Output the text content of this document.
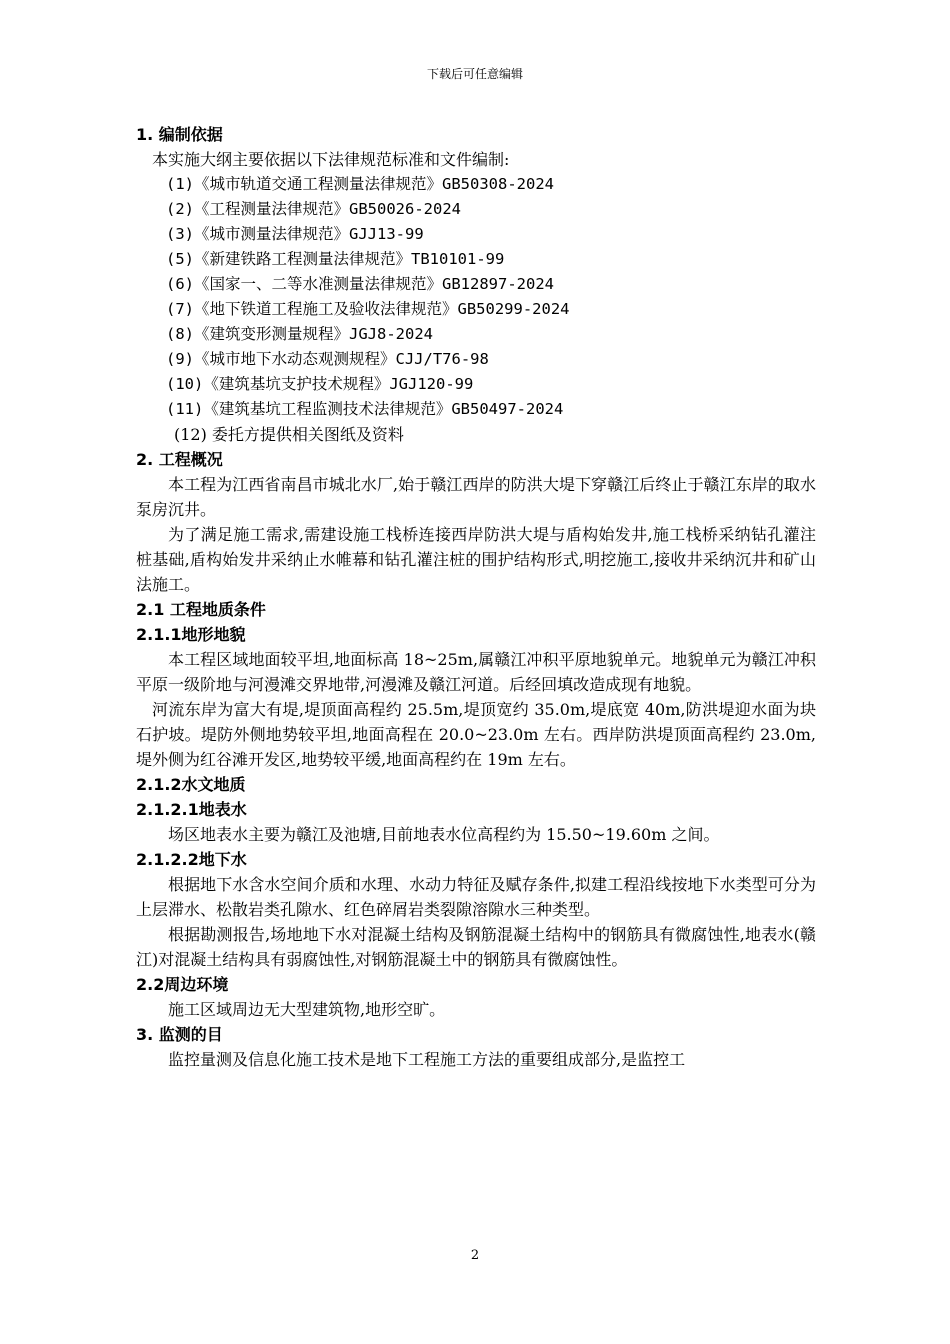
下载后可任意编辑

1. 编制依据

本实施大纲主要依据以下法律规范标准和文件编制:

(1)《城市轨道交通工程测量法律规范》GB50308-2024

(2)《工程测量法律规范》GB50026-2024

(3)《城市测量法律规范》GJJ13-99

(5)《新建铁路工程测量法律规范》TB10101-99

(6)《国家一、二等水准测量法律规范》GB12897-2024

(7)《地下铁道工程施工及验收法律规范》GB50299-2024

(8)《建筑变形测量规程》JGJ8-2024

(9)《城市地下水动态观测规程》CJJ/T76-98

(10)《建筑基坑支护技术规程》JGJ120-99

(11)《建筑基坑工程监测技术法律规范》GB50497-2024

(12) 委托方提供相关图纸及资料

2. 工程概况

本工程为江西省南昌市城北水厂,始于赣江西岸的防洪大堤下穿赣江后终止于赣江东岸的取水泵房沉井。

为了满足施工需求,需建设施工栈桥连接西岸防洪大堤与盾构始发井,施工栈桥采纳钻孔灌注桩基础,盾构始发井采纳止水帷幕和钻孔灌注桩的围护结构形式,明挖施工,接收井采纳沉井和矿山法施工。

2.1 工程地质条件

2.1.1地形地貌

本工程区域地面较平坦,地面标高 18~25m,属赣江冲积平原地貌单元。地貌单元为赣江冲积平原一级阶地与河漫滩交界地带,河漫滩及赣江河道。后经回填改造成现有地貌。

河流东岸为富大有堤,堤顶面高程约 25.5m,堤顶宽约 35.0m,堤底宽 40m,防洪堤迎水面为块石护坡。堤防外侧地势较平坦,地面高程在 20.0~23.0m 左右。西岸防洪堤顶面高程约 23.0m,堤外侧为红谷滩开发区,地势较平缓,地面高程约在 19m 左右。

2.1.2水文地质

2.1.2.1地表水

场区地表水主要为赣江及池塘,目前地表水位高程约为 15.50~19.60m 之间。

2.1.2.2地下水

根据地下水含水空间介质和水理、水动力特征及赋存条件,拟建工程沿线按地下水类型可分为上层滞水、松散岩类孔隙水、红色碎屑岩类裂隙溶隙水三种类型。

根据勘测报告,场地地下水对混凝土结构及钢筋混凝土结构中的钢筋具有微腐蚀性,地表水(赣江)对混凝土结构具有弱腐蚀性,对钢筋混凝土中的钢筋具有微腐蚀性。

2.2周边环境

施工区域周边无大型建筑物,地形空旷。

3. 监测的目

监控量测及信息化施工技术是地下工程施工方法的重要组成部分,是监控工

2
